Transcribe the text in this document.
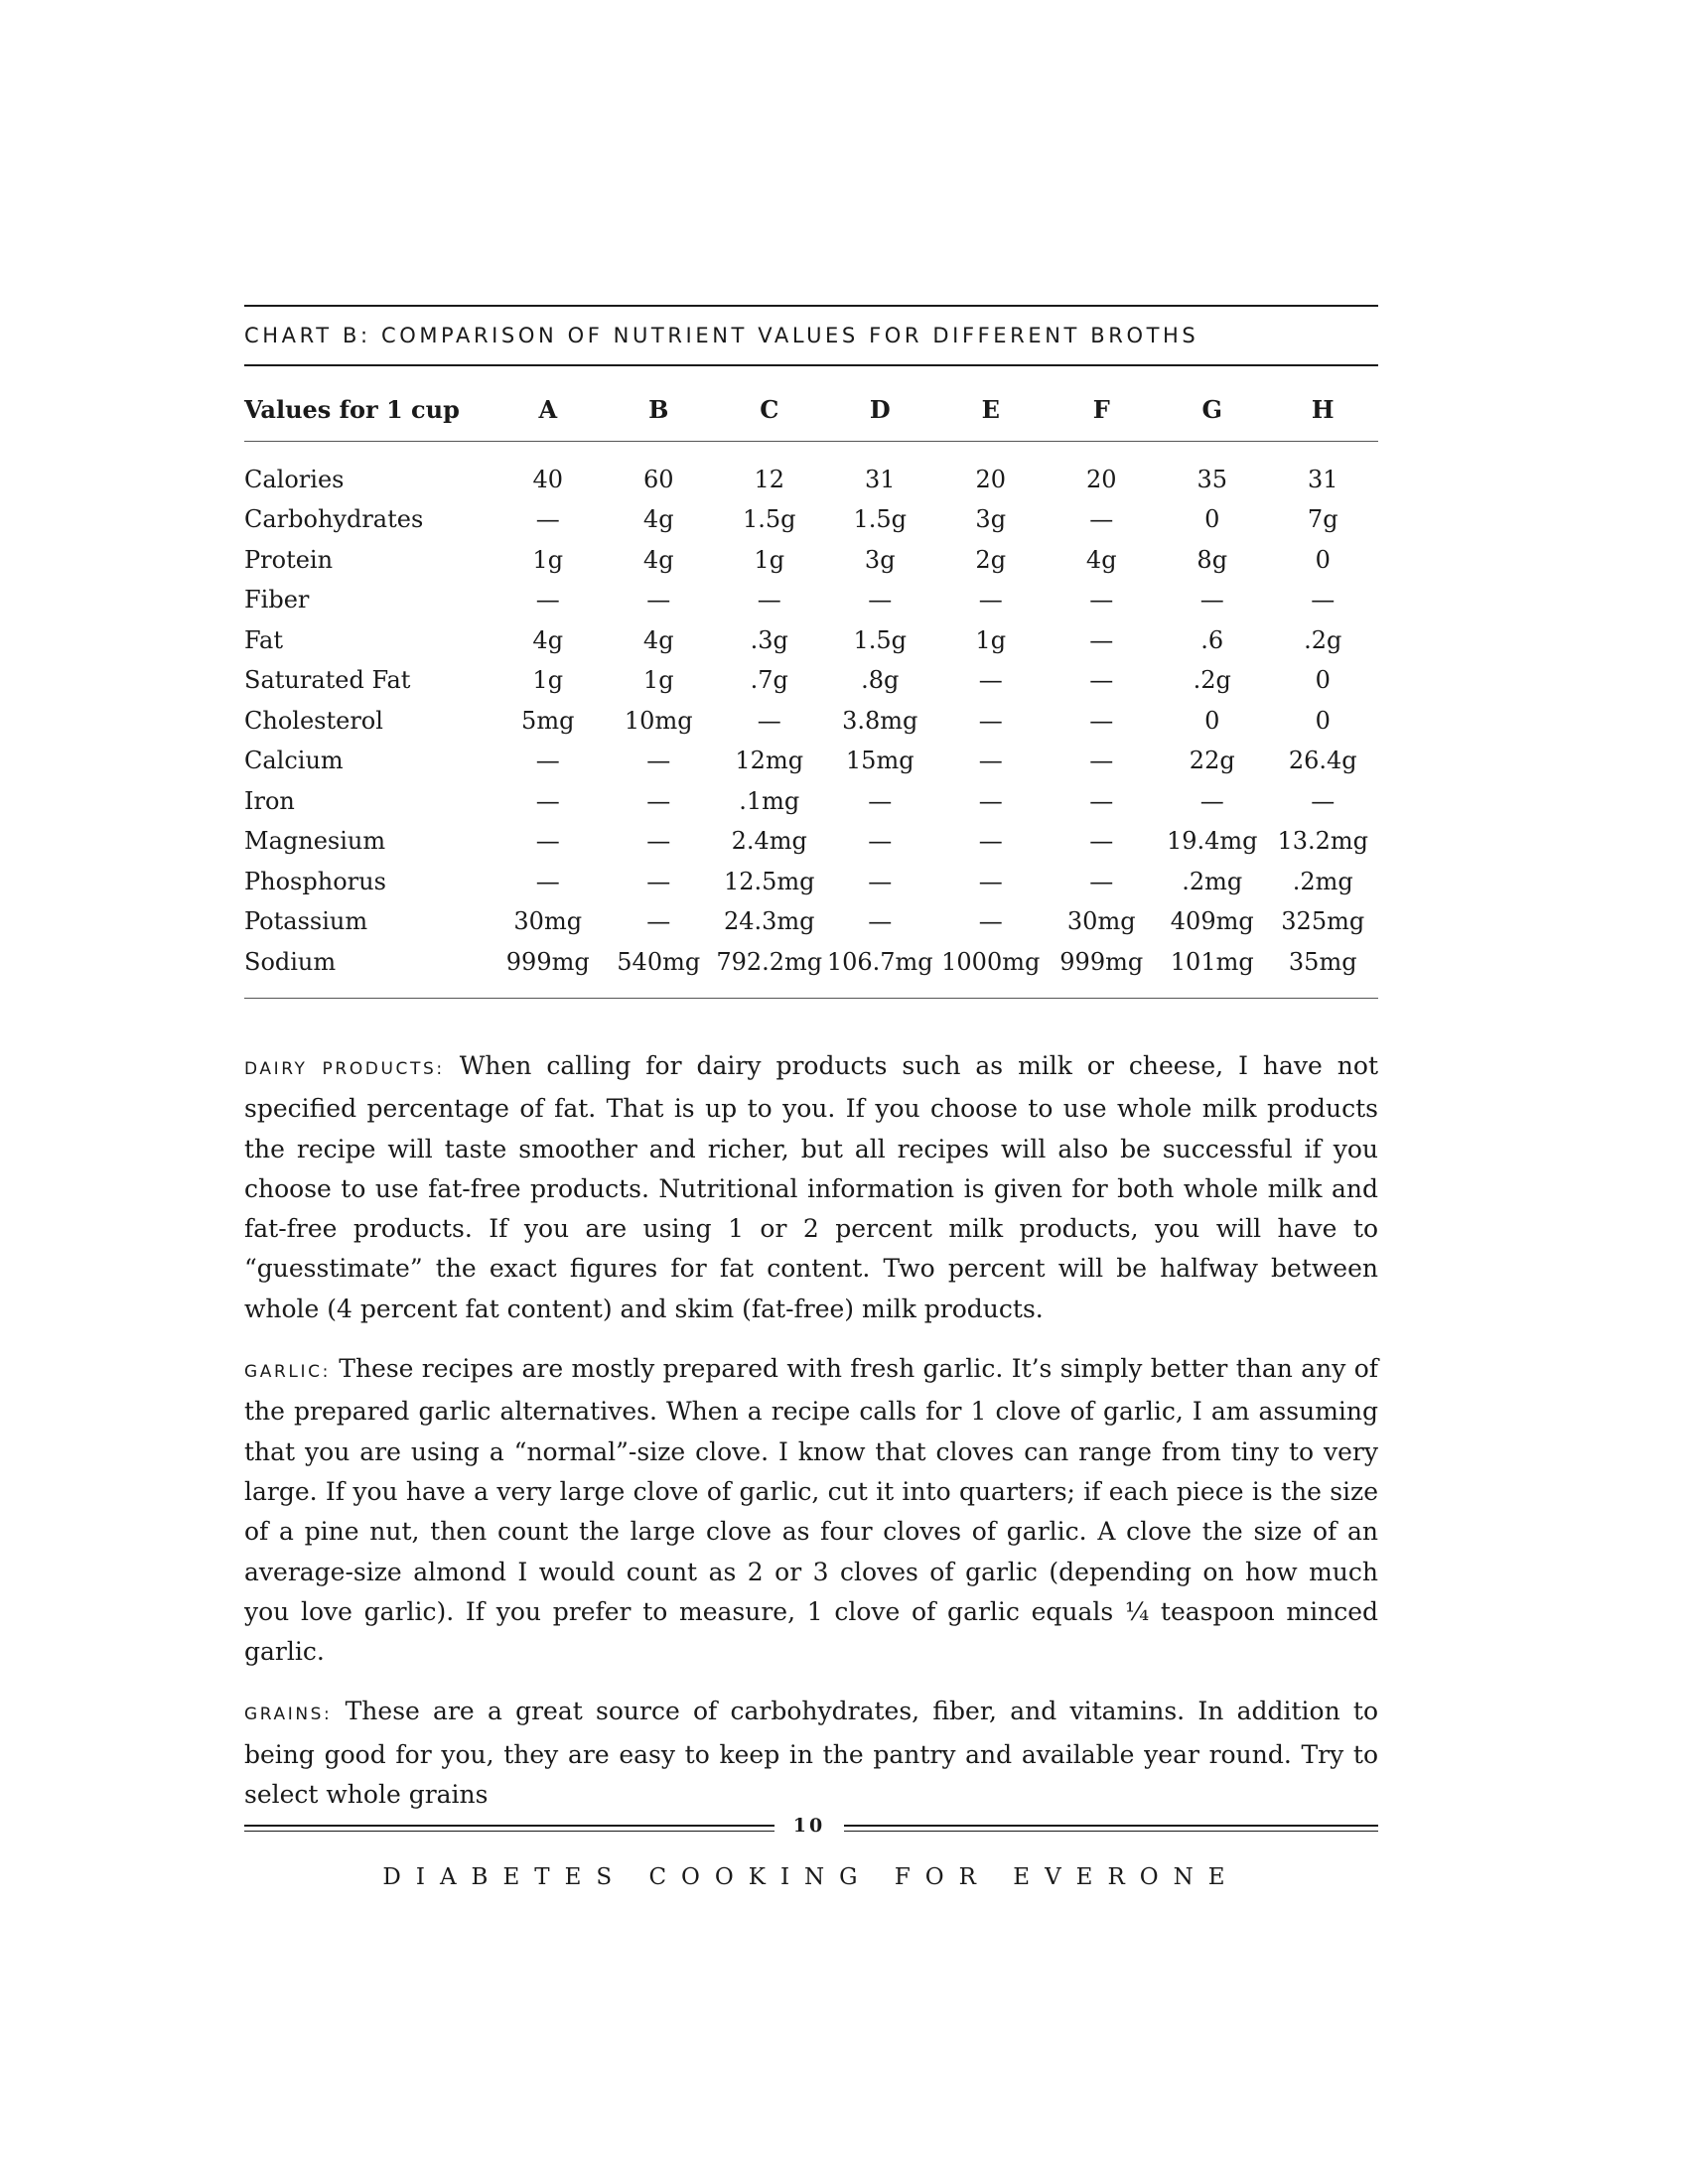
CHART B: COMPARISON OF NUTRIENT VALUES FOR DIFFERENT BROTHS
Values for 1 cup	A	B	C	D	E	F	G	H

Calories	40	60	12	31	20	20	35	31
Carbohydrates	—	4g	1.5g	1.5g	3g	—	0	7g
Protein	1g	4g	1g	3g	2g	4g	8g	0
Fiber	—	—	—	—	—	—	—	—
Fat	4g	4g	.3g	1.5g	1g	—	.6	.2g
Saturated Fat	1g	1g	.7g	.8g	—	—	.2g	0
Cholesterol	5mg	10mg	—	3.8mg	—	—	0	0
Calcium	—	—	12mg	15mg	—	—	22g	26.4g
Iron	—	—	.1mg	—	—	—	—	—
Magnesium	—	—	2.4mg	—	—	—	19.4mg	13.2mg
Phosphorus	—	—	12.5mg	—	—	—	.2mg	.2mg
Potassium	30mg	—	24.3mg	—	—	30mg	409mg	325mg
Sodium	999mg	540mg	792.2mg	106.7mg	1000mg	999mg	101mg	35mg

DAIRY PRODUCTS: When calling for dairy products such as milk or cheese, I have not specified percentage of fat. That is up to you. If you choose to use whole milk products the recipe will taste smoother and richer, but all recipes will also be successful if you choose to use fat-free products. Nutritional information is given for both whole milk and fat-free products. If you are using 1 or 2 percent milk products, you will have to “guesstimate” the exact figures for fat content. Two percent will be halfway between whole (4 percent fat content) and skim (fat-free) milk products.

GARLIC: These recipes are mostly prepared with fresh garlic. It’s simply better than any of the prepared garlic alternatives. When a recipe calls for 1 clove of garlic, I am assuming that you are using a “normal”-size clove. I know that cloves can range from tiny to very large. If you have a very large clove of garlic, cut it into quarters; if each piece is the size of a pine nut, then count the large clove as four cloves of garlic. A clove the size of an average-size almond I would count as 2 or 3 cloves of garlic (depending on how much you love garlic). If you prefer to measure, 1 clove of garlic equals ¼ teaspoon minced garlic.

GRAINS: These are a great source of carbohydrates, fiber, and vitamins. In addition to being good for you, they are easy to keep in the pantry and available year round. Try to select whole grains

10
DIABETES COOKING FOR EVERONE
